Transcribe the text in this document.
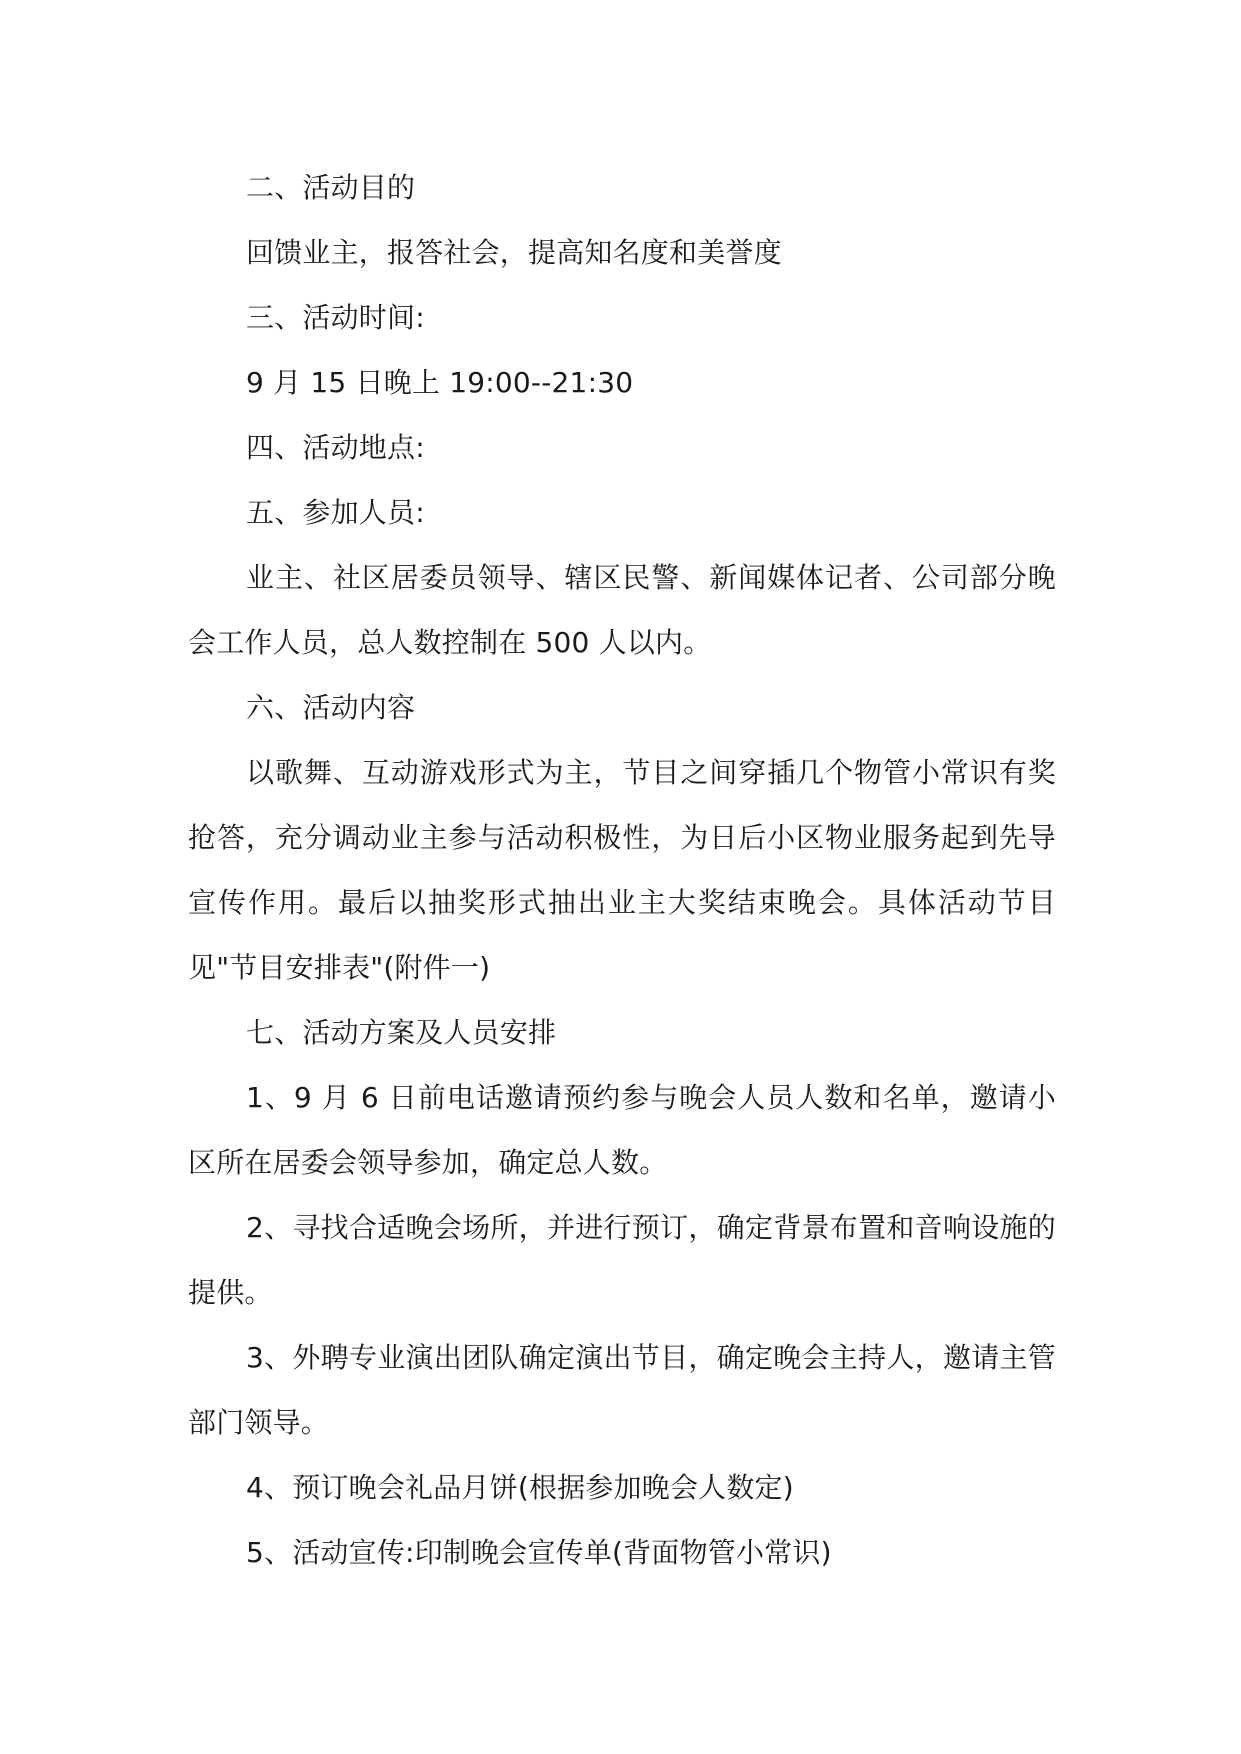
二、活动目的

回馈业主，报答社会，提高知名度和美誉度

三、活动时间:

9 月 15 日晚上 19:00--21:30

四、活动地点:

五、参加人员:

业主、社区居委员领导、辖区民警、新闻媒体记者、公司部分晚会工作人员，总人数控制在 500 人以内。

六、活动内容

以歌舞、互动游戏形式为主，节目之间穿插几个物管小常识有奖抢答，充分调动业主参与活动积极性，为日后小区物业服务起到先导宣传作用。最后以抽奖形式抽出业主大奖结束晚会。具体活动节目见"节目安排表"(附件一)

七、活动方案及人员安排

1、9 月 6 日前电话邀请预约参与晚会人员人数和名单，邀请小区所在居委会领导参加，确定总人数。

2、寻找合适晚会场所，并进行预订，确定背景布置和音响设施的提供。

3、外聘专业演出团队确定演出节目，确定晚会主持人，邀请主管部门领导。

4、预订晚会礼品月饼(根据参加晚会人数定)

5、活动宣传:印制晚会宣传单(背面物管小常识)
